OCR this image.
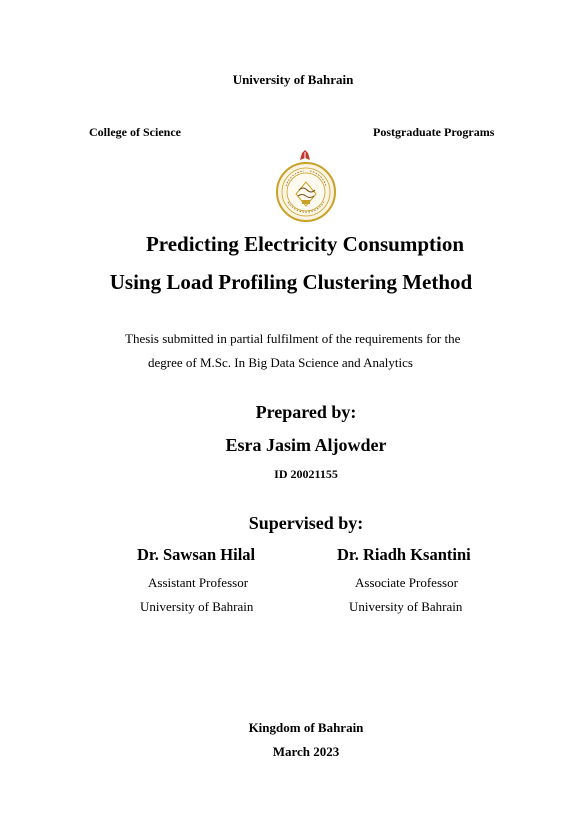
University of Bahrain
College of Science	Postgraduate Programs
Predicting Electricity Consumption
Using Load Profiling Clustering Method
Thesis submitted in partial fulfilment of the requirements for the
degree of M.Sc. In Big Data Science and Analytics
Prepared by:
Esra Jasim Aljowder
ID 20021155
Supervised by:
Dr. Sawsan Hilal
Assistant Professor
University of Bahrain
Dr. Riadh Ksantini
Associate Professor
University of Bahrain
Kingdom of Bahrain
March 2023
